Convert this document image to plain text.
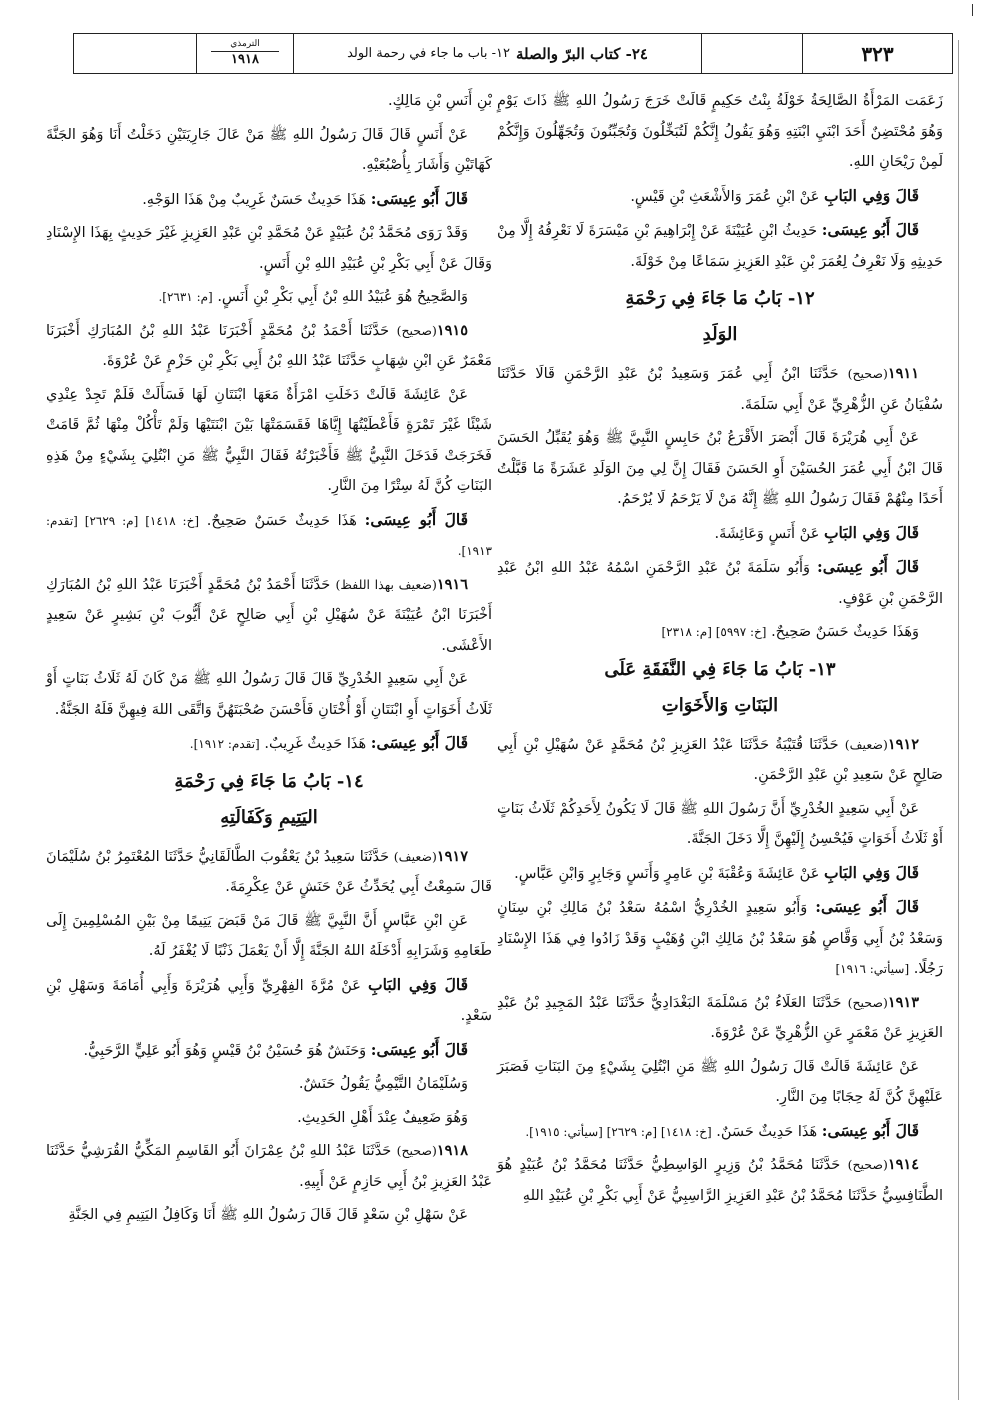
٣٢٣
٢٤- كتاب البرّ والصلة
١٢- باب ما جاء في رحمة الولد
الترمذي
١٩١٨

زَعَمَت المَرْأَةُ الصَّالِحَةُ خَوْلَةُ بِنْتُ حَكِيمٍ قَالَتْ خَرَجَ رَسُولُ اللهِ ﷺ ذَاتَ يَوْمٍ وَهُوَ مُحْتَضِنٌ أَحَدَ ابْنَيِ ابْنَتِهِ وَهُوَ يَقُولُ إِنَّكُمْ لَتُبَخِّلُونَ وَتُجَبِّنُونَ وَتُجَهِّلُونَ وَإِنَّكُمْ لَمِنْ رَيْحَانِ اللهِ.

قَالَ وَفِي البَابِ عَنْ ابْنِ عُمَرَ وَالأَشْعَثِ بْنِ قَيْسٍ.

قَالَ أَبُو عِيسَى: حَدِيثُ ابْنِ عُيَيْنَةَ عَنْ إِبْرَاهِيمَ بْنِ مَيْسَرَةَ لَا نَعْرِفُهُ إِلَّا مِنْ حَدِيثِهِ وَلَا نَعْرِفُ لِعُمَرَ بْنِ عَبْدِ العَزِيزِ سَمَاعًا مِنْ خَوْلَةَ.

١٢- بَابُ مَا جَاءَ فِي رَحْمَةِ
الوَلَدِ

١٩١١(صحيح) حَدَّثَنَا ابْنُ أَبِي عُمَرَ وَسَعِيدُ بْنُ عَبْدِ الرَّحْمَنِ قَالَا حَدَّثَنَا سُفْيَانُ عَنِ الزُّهْرِيِّ عَنْ أَبِي سَلَمَةَ.

عَنْ أَبِي هُرَيْرَةَ قَالَ أَبْصَرَ الأَقْرَعُ بْنُ حَابِسٍ النَّبِيَّ ﷺ وَهُوَ يُقَبِّلُ الحَسَنَ قَالَ ابْنُ أَبِي عُمَرَ الحُسَيْنَ أَوِ الحَسَنَ فَقَالَ إِنَّ لِي مِنَ الوَلَدِ عَشَرَةً مَا قَبَّلْتُ أَحَدًا مِنْهُمْ فَقَالَ رَسُولُ اللهِ ﷺ إِنَّهُ مَنْ لَا يَرْحَمُ لَا يُرْحَمُ.

قَالَ وَفِي البَابِ عَنْ أَنَسٍ وَعَائِشَةَ.

قَالَ أَبُو عِيسَى: وَأَبُو سَلَمَةَ بْنُ عَبْدِ الرَّحْمَنِ اسْمُهُ عَبْدُ اللهِ ابْنُ عَبْدِ الرَّحْمَنِ بْنِ عَوْفٍ.

وَهَذَا حَدِيثٌ حَسَنٌ صَحِيحٌ. [خ: ٥٩٩٧] [م: ٢٣١٨]

١٣- بَابُ مَا جَاءَ فِي النَّفَقَةِ عَلَى
البَنَاتِ وَالأَخَوَاتِ

١٩١٢(ضعيف) حَدَّثَنَا قُتَيْبَةُ حَدَّثَنَا عَبْدُ العَزِيزِ بْنُ مُحَمَّدٍ عَنْ سُهَيْلِ بْنِ أَبِي صَالِحٍ عَنْ سَعِيدِ بْنِ عَبْدِ الرَّحْمَنِ.

عَنْ أَبِي سَعِيدٍ الخُدْرِيِّ أَنَّ رَسُولَ اللهِ ﷺ قَالَ لَا يَكُونُ لِأَحَدِكُمْ ثَلَاثُ بَنَاتٍ أَوْ ثَلَاثُ أَخَوَاتٍ فَيُحْسِنُ إِلَيْهِنَّ إِلَّا دَخَلَ الجَنَّةَ.

قَالَ وَفِي البَابِ عَنْ عَائِشَةَ وَعُقْبَةَ بْنِ عَامِرٍ وَأَنَسٍ وَجَابِرٍ وَابْنِ عَبَّاسٍ.

قَالَ أَبُو عِيسَى: وَأَبُو سَعِيدٍ الخُدْرِيُّ اسْمُهُ سَعْدُ بْنُ مَالِكِ بْنِ سِنَانٍ وَسَعْدُ بْنُ أَبِي وَقَّاصٍ هُوَ سَعْدُ بْنُ مَالِكِ ابْنِ وُهَيْبٍ وَقَدْ زَادُوا فِي هَذَا الإِسْنَادِ رَجُلًا. [سيأتي: ١٩١٦]

١٩١٣(صحيح) حَدَّثَنَا العَلَاءُ بْنُ مَسْلَمَةَ البَغْدَادِيُّ حَدَّثَنَا عَبْدُ المَجِيدِ بْنُ عَبْدِ العَزِيزِ عَنْ مَعْمَرٍ عَنِ الزُّهْرِيِّ عَنْ عُرْوَةَ.

عَنْ عَائِشَةَ قَالَتْ قَالَ رَسُولُ اللهِ ﷺ مَنِ ابْتُلِيَ بِشَيْءٍ مِنَ البَنَاتِ فَصَبَرَ عَلَيْهِنَّ كُنَّ لَهُ حِجَابًا مِنَ النَّارِ.

قَالَ أَبُو عِيسَى: هَذَا حَدِيثٌ حَسَنٌ. [خ: ١٤١٨] [م: ٢٦٢٩] [سيأتي: ١٩١٥].

١٩١٤(صحيح) حَدَّثَنَا مُحَمَّدُ بْنُ وَزِيرٍ الوَاسِطِيُّ حَدَّثَنَا مُحَمَّدُ بْنُ عُبَيْدٍ هُوَ الطَّنَافِسِيُّ حَدَّثَنَا مُحَمَّدُ بْنُ عَبْدِ العَزِيزِ الرَّاسِبِيُّ عَنْ أَبِي بَكْرِ بْنِ عُبَيْدِ اللهِ

بْنِ أَنَسِ بْنِ مَالِكٍ.

عَنْ أَنَسٍ قَالَ قَالَ رَسُولُ اللهِ ﷺ مَنْ عَالَ جَارِيَتَيْنِ دَخَلْتُ أَنَا وَهُوَ الجَنَّةَ كَهَاتَيْنِ وَأَشَارَ بِأُصْبُعَيْهِ.

قَالَ أَبُو عِيسَى: هَذَا حَدِيثٌ حَسَنٌ غَرِيبٌ مِنْ هَذَا الوَجْهِ.

وَقَدْ رَوَى مُحَمَّدُ بْنُ عُبَيْدٍ عَنْ مُحَمَّدِ بْنِ عَبْدِ العَزِيزِ غَيْرَ حَدِيثٍ بِهَذَا الإِسْنَادِ وَقَالَ عَنْ أَبِي بَكْرِ بْنِ عُبَيْدِ اللهِ بْنِ أَنَسٍ.

وَالصَّحِيحُ هُوَ عُبَيْدُ اللهِ بْنُ أَبِي بَكْرِ بْنِ أَنَسٍ. [م: ٢٦٣١].

١٩١٥(صحيح) حَدَّثَنَا أَحْمَدُ بْنُ مُحَمَّدٍ أَخْبَرَنَا عَبْدُ اللهِ بْنُ المُبَارَكِ أَخْبَرَنَا مَعْمَرٌ عَنِ ابْنِ شِهَابٍ حَدَّثَنَا عَبْدُ اللهِ بْنُ أَبِي بَكْرِ بْنِ حَزْمٍ عَنْ عُرْوَةَ.

عَنْ عَائِشَةَ قَالَتْ دَخَلَتِ امْرَأَةٌ مَعَهَا ابْنَتَانِ لَهَا فَسَأَلَتْ فَلَمْ تَجِدْ عِنْدِي شَيْئًا غَيْرَ تَمْرَةٍ فَأَعْطَيْتُهَا إِيَّاهَا فَقَسَمَتْهَا بَيْنَ ابْنَتَيْهَا وَلَمْ تَأْكُلْ مِنْهَا ثُمَّ قَامَتْ فَخَرَجَتْ فَدَخَلَ النَّبِيُّ ﷺ فَأَخْبَرْتُهُ فَقَالَ النَّبِيُّ ﷺ مَنِ ابْتُلِيَ بِشَيْءٍ مِنْ هَذِهِ البَنَاتِ كُنَّ لَهُ سِتْرًا مِنَ النَّارِ.

قَالَ أَبُو عِيسَى: هَذَا حَدِيثٌ حَسَنٌ صَحِيحٌ. [خ: ١٤١٨] [م: ٢٦٢٩] [تقدم: ١٩١٣].

١٩١٦(ضعيف بهذا اللفظ) حَدَّثَنَا أَحْمَدُ بْنُ مُحَمَّدٍ أَخْبَرَنَا عَبْدُ اللهِ بْنُ المُبَارَكِ أَخْبَرَنَا ابْنُ عُيَيْنَةَ عَنْ سُهَيْلِ بْنِ أَبِي صَالِحٍ عَنْ أَيُّوبَ بْنِ بَشِيرٍ عَنْ سَعِيدٍ الأَعْشَى.

عَنْ أَبِي سَعِيدٍ الخُدْرِيِّ قَالَ قَالَ رَسُولُ اللهِ ﷺ مَنْ كَانَ لَهُ ثَلَاثُ بَنَاتٍ أَوْ ثَلَاثُ أَخَوَاتٍ أَوِ ابْنَتَانِ أَوْ أُخْتَانِ فَأَحْسَنَ صُحْبَتَهُنَّ وَاتَّقَى اللهَ فِيهِنَّ فَلَهُ الجَنَّةُ.

قَالَ أَبُو عِيسَى: هَذَا حَدِيثٌ غَرِيبٌ. [تقدم: ١٩١٢].

١٤- بَابُ مَا جَاءَ فِي رَحْمَةِ
اليَتِيمِ وَكَفَالَتِهِ

١٩١٧(ضعيف) حَدَّثَنَا سَعِيدُ بْنُ يَعْقُوبَ الطَّالَقَانِيُّ حَدَّثَنَا المُعْتَمِرُ بْنُ سُلَيْمَانَ قَالَ سَمِعْتُ أَبِي يُحَدِّثُ عَنْ حَنَشٍ عَنْ عِكْرِمَةَ.

عَنِ ابْنِ عَبَّاسٍ أَنَّ النَّبِيَّ ﷺ قَالَ مَنْ قَبَضَ يَتِيمًا مِنْ بَيْنِ المُسْلِمِينَ إِلَى طَعَامِهِ وَشَرَابِهِ أَدْخَلَهُ اللهُ الجَنَّةَ إِلَّا أَنْ يَعْمَلَ ذَنْبًا لَا يُغْفَرُ لَهُ.

قَالَ وَفِي البَابِ عَنْ مُرَّةَ الفِهْرِيِّ وَأَبِي هُرَيْرَةَ وَأَبِي أُمَامَةَ وَسَهْلِ بْنِ سَعْدٍ.

قَالَ أَبُو عِيسَى: وَحَنَشٌ هُوَ حُسَيْنُ بْنُ قَيْسٍ وَهُوَ أَبُو عَلِيٍّ الرَّحَبِيُّ.

وَسُلَيْمَانُ التَّيْمِيُّ يَقُولُ حَنَشٌ.

وَهُوَ ضَعِيفٌ عِنْدَ أَهْلِ الحَدِيثِ.

١٩١٨(صحيح) حَدَّثَنَا عَبْدُ اللهِ بْنُ عِمْرَانَ أَبُو القَاسِمِ المَكِّيُّ القُرَشِيُّ حَدَّثَنَا عَبْدُ العَزِيزِ بْنُ أَبِي حَازِمٍ عَنْ أَبِيهِ.

عَنْ سَهْلِ بْنِ سَعْدٍ قَالَ قَالَ رَسُولُ اللهِ ﷺ أَنَا وَكَافِلُ اليَتِيمِ فِي الجَنَّةِ
